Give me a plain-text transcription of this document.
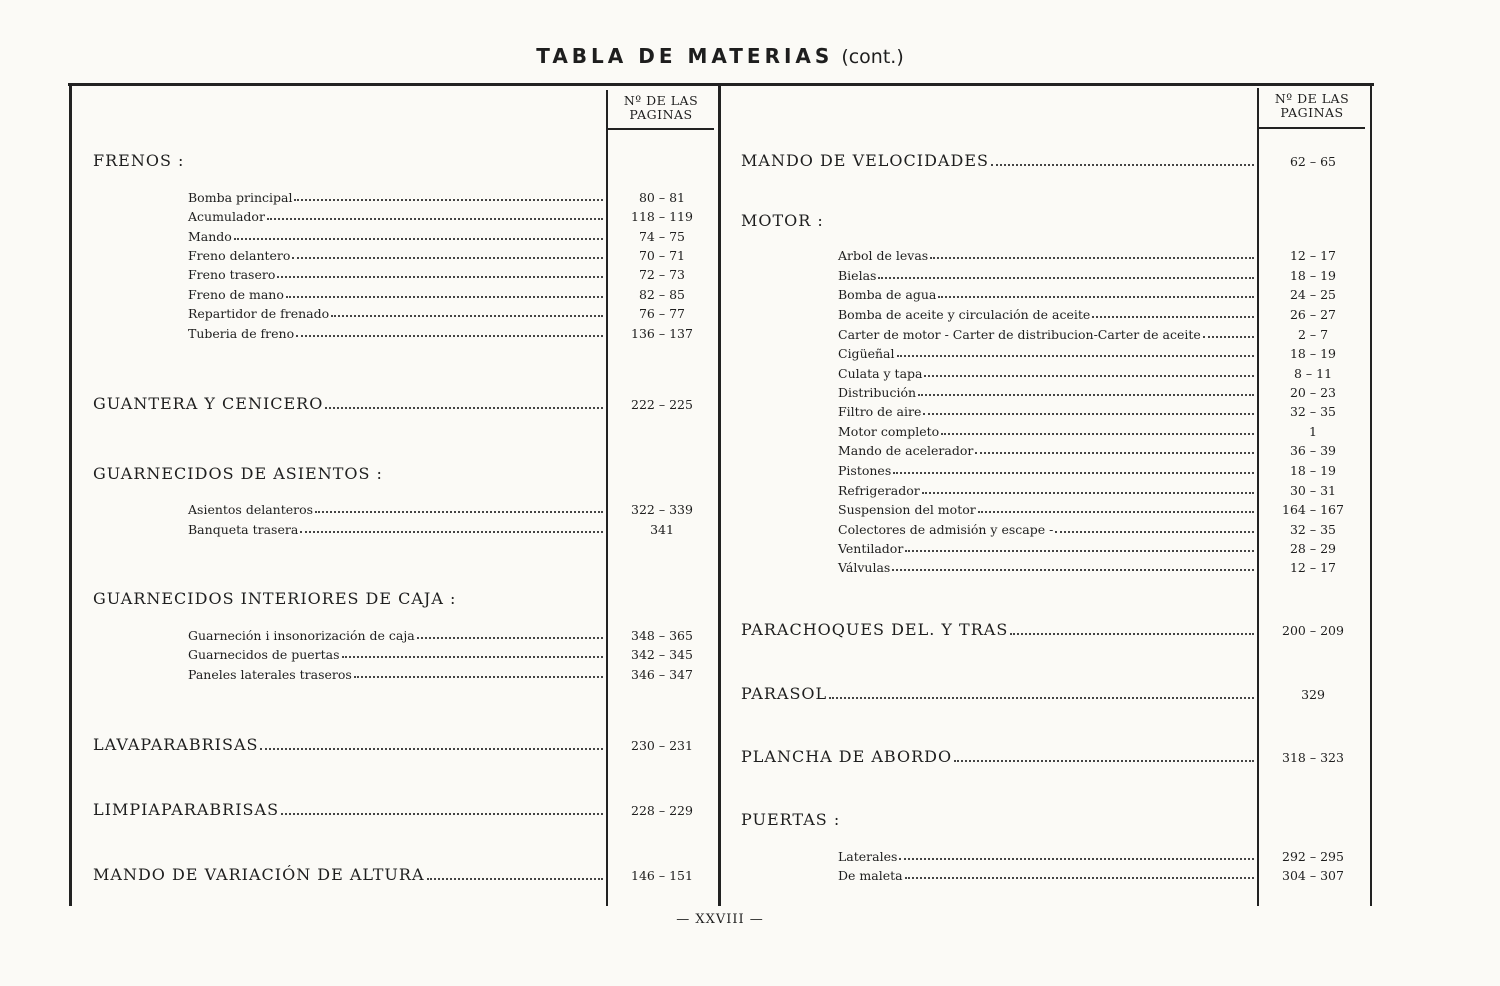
TABLA DE MATERIAS (cont.)
Nº DE LAS
PAGINAS
Nº DE LAS
PAGINAS
FRENOS :
Bomba principal	80 – 81
Acumulador	118 – 119
Mando	74 – 75
Freno delantero	70 – 71
Freno trasero	72 – 73
Freno de mano	82 – 85
Repartidor de frenado	76 – 77
Tuberia de freno	136 – 137
GUANTERA Y CENICERO	222 – 225
GUARNECIDOS DE ASIENTOS :
Asientos delanteros	322 – 339
Banqueta trasera	341
GUARNECIDOS INTERIORES DE CAJA :
Guarneción i insonorización de caja	348 – 365
Guarnecidos de puertas	342 – 345
Paneles laterales traseros	346 – 347
LAVAPARABRISAS	230 – 231
LIMPIAPARABRISAS	228 – 229
MANDO DE VARIACIÓN DE ALTURA	146 – 151
MANDO DE VELOCIDADES	62 – 65
MOTOR :
Arbol de levas	12 – 17
Bielas	18 – 19
Bomba de agua	24 – 25
Bomba de aceite y circulación de aceite	26 – 27
Carter de motor - Carter de distribucion-Carter de aceite	2 – 7
Cigüeñal	18 – 19
Culata y tapa	8 – 11
Distribución	20 – 23
Filtro de aire	32 – 35
Motor completo	1
Mando de acelerador	36 – 39
Pistones	18 – 19
Refrigerador	30 – 31
Suspension del motor	164 – 167
Colectores de admisión y escape -	32 – 35
Ventilador	28 – 29
Válvulas	12 – 17
PARACHOQUES DEL. Y TRAS	200 – 209
PARASOL	329
PLANCHA DE ABORDO	318 – 323
PUERTAS :
Laterales	292 – 295
De maleta	304 – 307
— XXVIII —
